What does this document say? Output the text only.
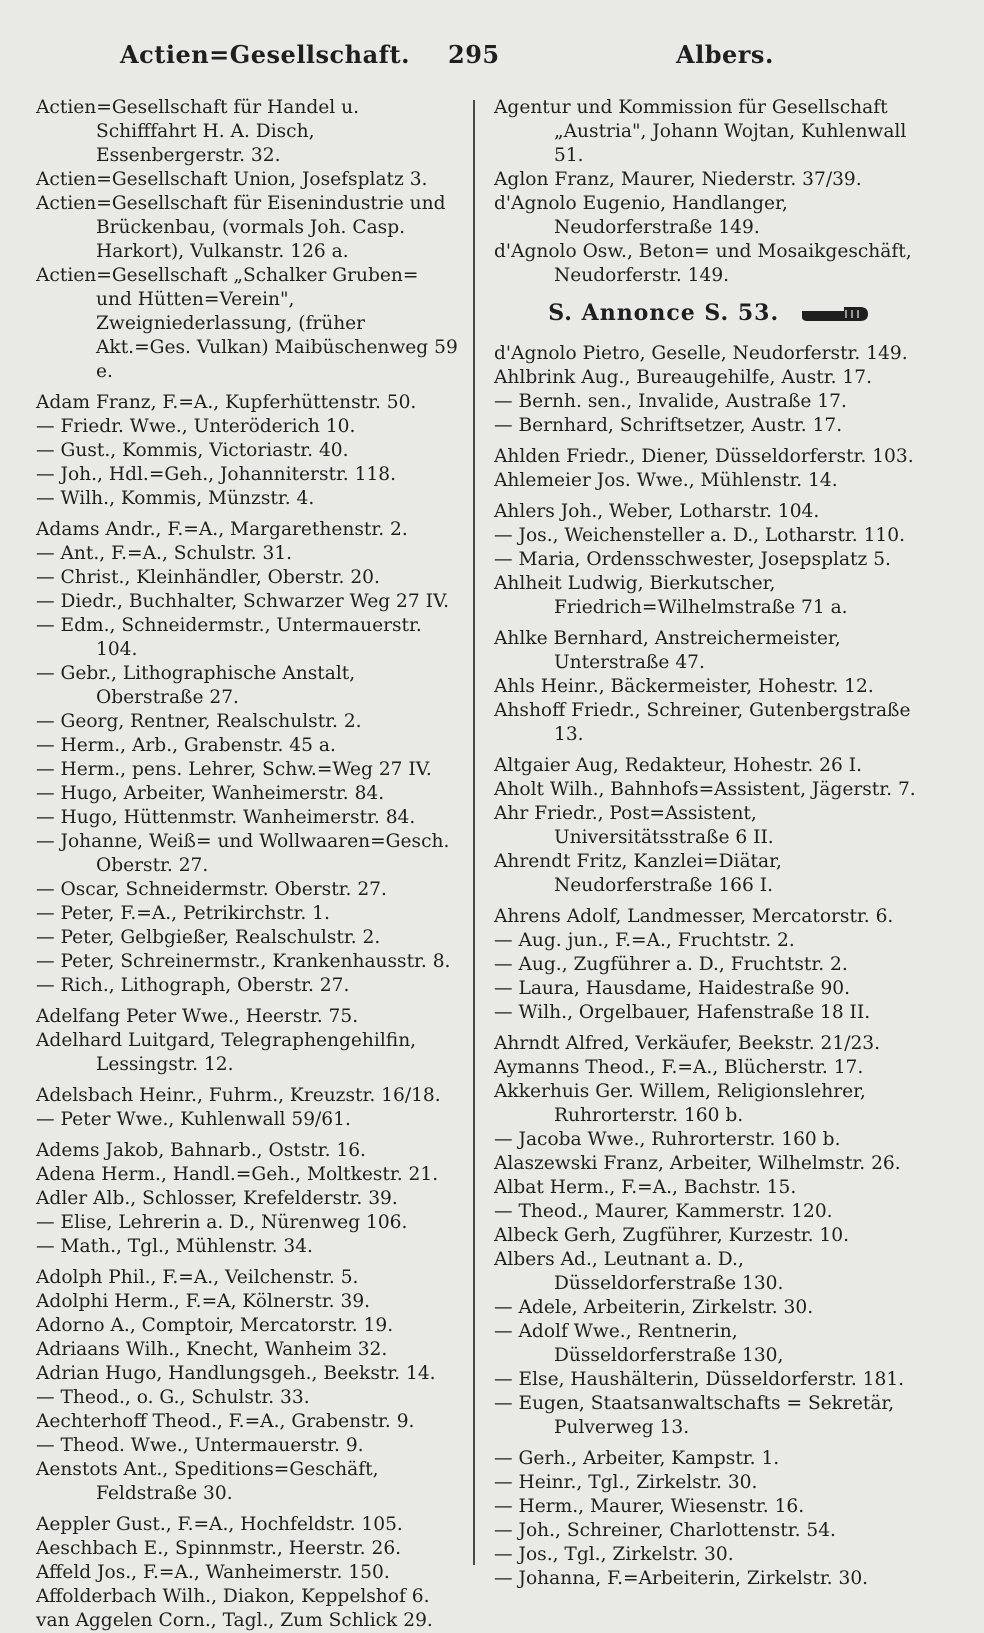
Actien=Gesellschaft. 295	Albers.

Actien=Gesellschaft für Handel u. Schifffahrt H. A. Disch, Essenbergerstr. 32.

Actien=Gesellschaft Union, Josefsplatz 3.

Actien=Gesellschaft für Eisenindustrie und Brückenbau, (vormals Joh. Casp. Harkort), Vulkanstr. 126 a.

Actien=Gesellschaft „Schalker Gruben= und Hütten=Verein", Zweigniederlassung, (früher Akt.=Ges. Vulkan) Maibüschenweg 59 e.

Adam Franz, F.=A., Kupferhüttenstr. 50.

— Friedr. Wwe., Unteröderich 10.

— Gust., Kommis, Victoriastr. 40.

— Joh., Hdl.=Geh., Johanniterstr. 118.

— Wilh., Kommis, Münzstr. 4.

Adams Andr., F.=A., Margarethenstr. 2.

— Ant., F.=A., Schulstr. 31.

— Christ., Kleinhändler, Oberstr. 20.

— Diedr., Buchhalter, Schwarzer Weg 27 IV.

— Edm., Schneidermstr., Untermauerstr. 104.

— Gebr., Lithographische Anstalt, Oberstraße 27.

— Georg, Rentner, Realschulstr. 2.

— Herm., Arb., Grabenstr. 45 a.

— Herm., pens. Lehrer, Schw.=Weg 27 IV.

— Hugo, Arbeiter, Wanheimerstr. 84.

— Hugo, Hüttenmstr. Wanheimerstr. 84.

— Johanne, Weiß= und Wollwaaren=Gesch. Oberstr. 27.

— Oscar, Schneidermstr. Oberstr. 27.

— Peter, F.=A., Petrikirchstr. 1.

— Peter, Gelbgießer, Realschulstr. 2.

— Peter, Schreinermstr., Krankenhausstr. 8.

— Rich., Lithograph, Oberstr. 27.

Adelfang Peter Wwe., Heerstr. 75.

Adelhard Luitgard, Telegraphengehilfin, Lessingstr. 12.

Adelsbach Heinr., Fuhrm., Kreuzstr. 16/18.

— Peter Wwe., Kuhlenwall 59/61.

Adems Jakob, Bahnarb., Oststr. 16.

Adena Herm., Handl.=Geh., Moltkestr. 21.

Adler Alb., Schlosser, Krefelderstr. 39.

— Elise, Lehrerin a. D., Nürenweg 106.

— Math., Tgl., Mühlenstr. 34.

Adolph Phil., F.=A., Veilchenstr. 5.

Adolphi Herm., F.=A, Kölnerstr. 39.

Adorno A., Comptoir, Mercatorstr. 19.

Adriaans Wilh., Knecht, Wanheim 32.

Adrian Hugo, Handlungsgeh., Beekstr. 14.

— Theod., o. G., Schulstr. 33.

Aechterhoff Theod., F.=A., Grabenstr. 9.

— Theod. Wwe., Untermauerstr. 9.

Aenstots Ant., Speditions=Geschäft, Feldstraße 30.

Aeppler Gust., F.=A., Hochfeldstr. 105.

Aeschbach E., Spinnmstr., Heerstr. 26.

Affeld Jos., F.=A., Wanheimerstr. 150.

Affolderbach Wilh., Diakon, Keppelshof 6.

van Aggelen Corn., Tagl., Zum Schlick 29.

Agentur und Kommission für Gesellschaft „Austria", Johann Wojtan, Kuhlenwall 51.

Aglon Franz, Maurer, Niederstr. 37/39.

d'Agnolo Eugenio, Handlanger, Neudorferstraße 149.

d'Agnolo Osw., Beton= und Mosaikgeschäft, Neudorferstr. 149.

S. Annonce S. 53.

d'Agnolo Pietro, Geselle, Neudorferstr. 149.

Ahlbrink Aug., Bureaugehilfe, Austr. 17.

— Bernh. sen., Invalide, Austraße 17.

— Bernhard, Schriftsetzer, Austr. 17.

Ahlden Friedr., Diener, Düsseldorferstr. 103.

Ahlemeier Jos. Wwe., Mühlenstr. 14.

Ahlers Joh., Weber, Lotharstr. 104.

— Jos., Weichensteller a. D., Lotharstr. 110.

— Maria, Ordensschwester, Josepsplatz 5.

Ahlheit Ludwig, Bierkutscher, Friedrich=Wilhelmstraße 71 a.

Ahlke Bernhard, Anstreichermeister, Unterstraße 47.

Ahls Heinr., Bäckermeister, Hohestr. 12.

Ahshoff Friedr., Schreiner, Gutenbergstraße 13.

Altgaier Aug, Redakteur, Hohestr. 26 I.

Aholt Wilh., Bahnhofs=Assistent, Jägerstr. 7.

Ahr Friedr., Post=Assistent, Universitätsstraße 6 II.

Ahrendt Fritz, Kanzlei=Diätar, Neudorferstraße 166 I.

Ahrens Adolf, Landmesser, Mercatorstr. 6.

— Aug. jun., F.=A., Fruchtstr. 2.

— Aug., Zugführer a. D., Fruchtstr. 2.

— Laura, Hausdame, Haidestraße 90.

— Wilh., Orgelbauer, Hafenstraße 18 II.

Ahrndt Alfred, Verkäufer, Beekstr. 21/23.

Aymanns Theod., F.=A., Blücherstr. 17.

Akkerhuis Ger. Willem, Religionslehrer, Ruhrorterstr. 160 b.

— Jacoba Wwe., Ruhrorterstr. 160 b.

Alaszewski Franz, Arbeiter, Wilhelmstr. 26.

Albat Herm., F.=A., Bachstr. 15.

— Theod., Maurer, Kammerstr. 120.

Albeck Gerh, Zugführer, Kurzestr. 10.

Albers Ad., Leutnant a. D., Düsseldorferstraße 130.

— Adele, Arbeiterin, Zirkelstr. 30.

— Adolf Wwe., Rentnerin, Düsseldorferstraße 130,

— Else, Haushälterin, Düsseldorferstr. 181.

— Eugen, Staatsanwaltschafts = Sekretär, Pulverweg 13.

— Gerh., Arbeiter, Kampstr. 1.

— Heinr., Tgl., Zirkelstr. 30.

— Herm., Maurer, Wiesenstr. 16.

— Joh., Schreiner, Charlottenstr. 54.

— Jos., Tgl., Zirkelstr. 30.

— Johanna, F.=Arbeiterin, Zirkelstr. 30.
